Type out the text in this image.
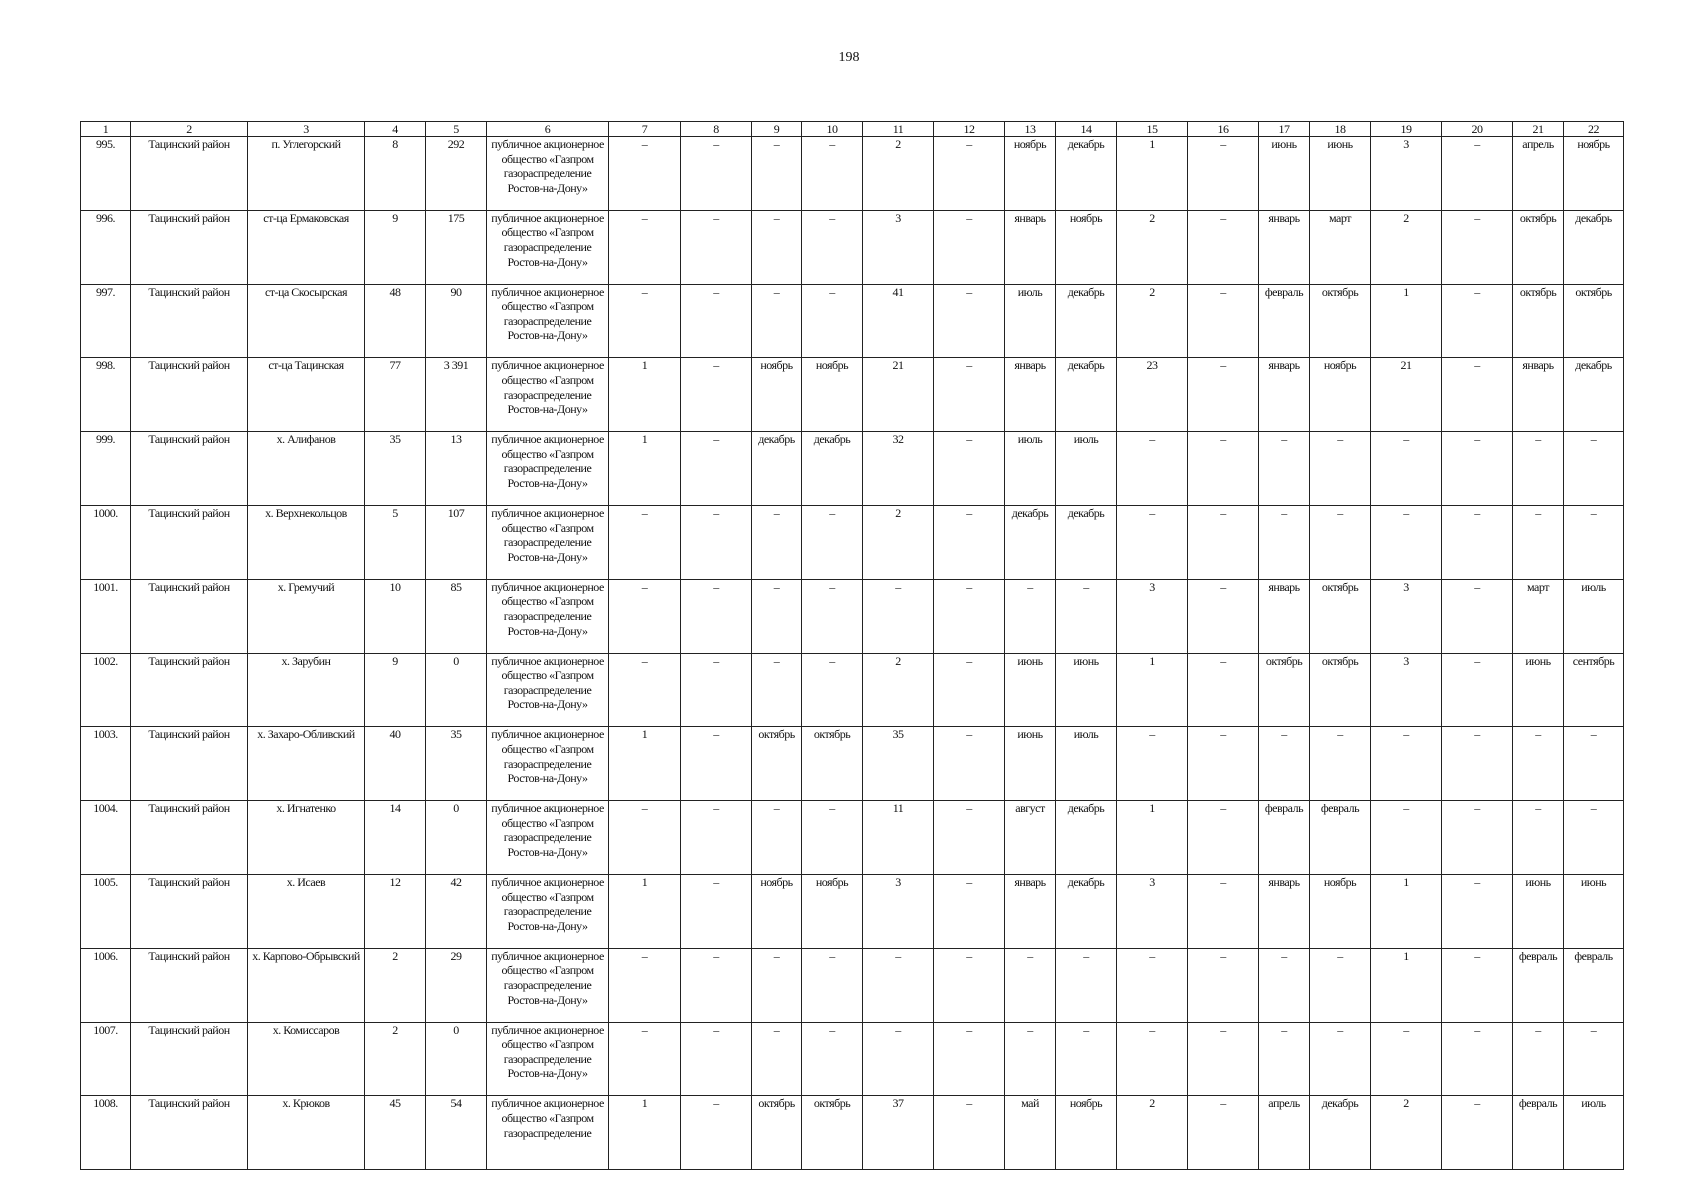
198
1	2	3	4	5	6	7	8	9	10	11	12	13	14	15	16	17	18	19	20	21	22
995.	Тацинский район	п. Углегорский	8	292	публичное акционерное общество «Газпром газораспределение Ростов-на-Дону»	–	–	–	–	2	–	ноябрь	декабрь	1	–	июнь	июнь	3	–	апрель	ноябрь
996.	Тацинский район	ст-ца Ермаковская	9	175	публичное акционерное общество «Газпром газораспределение Ростов-на-Дону»	–	–	–	–	3	–	январь	ноябрь	2	–	январь	март	2	–	октябрь	декабрь
997.	Тацинский район	ст-ца Скосырская	48	90	публичное акционерное общество «Газпром газораспределение Ростов-на-Дону»	–	–	–	–	41	–	июль	декабрь	2	–	февраль	октябрь	1	–	октябрь	октябрь
998.	Тацинский район	ст-ца Тацинская	77	3 391	публичное акционерное общество «Газпром газораспределение Ростов-на-Дону»	1	–	ноябрь	ноябрь	21	–	январь	декабрь	23	–	январь	ноябрь	21	–	январь	декабрь
999.	Тацинский район	х. Алифанов	35	13	публичное акционерное общество «Газпром газораспределение Ростов-на-Дону»	1	–	декабрь	декабрь	32	–	июль	июль	–	–	–	–	–	–	–	–
1000.	Тацинский район	х. Верхнекольцов	5	107	публичное акционерное общество «Газпром газораспределение Ростов-на-Дону»	–	–	–	–	2	–	декабрь	декабрь	–	–	–	–	–	–	–	–
1001.	Тацинский район	х. Гремучий	10	85	публичное акционерное общество «Газпром газораспределение Ростов-на-Дону»	–	–	–	–	–	–	–	–	3	–	январь	октябрь	3	–	март	июль
1002.	Тацинский район	х. Зарубин	9	0	публичное акционерное общество «Газпром газораспределение Ростов-на-Дону»	–	–	–	–	2	–	июнь	июнь	1	–	октябрь	октябрь	3	–	июнь	сентябрь
1003.	Тацинский район	х. Захаро-Обливский	40	35	публичное акционерное общество «Газпром газораспределение Ростов-на-Дону»	1	–	октябрь	октябрь	35	–	июнь	июль	–	–	–	–	–	–	–	–
1004.	Тацинский район	х. Игнатенко	14	0	публичное акционерное общество «Газпром газораспределение Ростов-на-Дону»	–	–	–	–	11	–	август	декабрь	1	–	февраль	февраль	–	–	–	–
1005.	Тацинский район	х. Исаев	12	42	публичное акционерное общество «Газпром газораспределение Ростов-на-Дону»	1	–	ноябрь	ноябрь	3	–	январь	декабрь	3	–	январь	ноябрь	1	–	июнь	июнь
1006.	Тацинский район	х. Карпово-Обрывский	2	29	публичное акционерное общество «Газпром газораспределение Ростов-на-Дону»	–	–	–	–	–	–	–	–	–	–	–	–	1	–	февраль	февраль
1007.	Тацинский район	х. Комиссаров	2	0	публичное акционерное общество «Газпром газораспределение Ростов-на-Дону»	–	–	–	–	–	–	–	–	–	–	–	–	–	–	–	–
1008.	Тацинский район	х. Крюков	45	54	публичное акционерное общество «Газпром газораспределение	1	–	октябрь	октябрь	37	–	май	ноябрь	2	–	апрель	декабрь	2	–	февраль	июль
